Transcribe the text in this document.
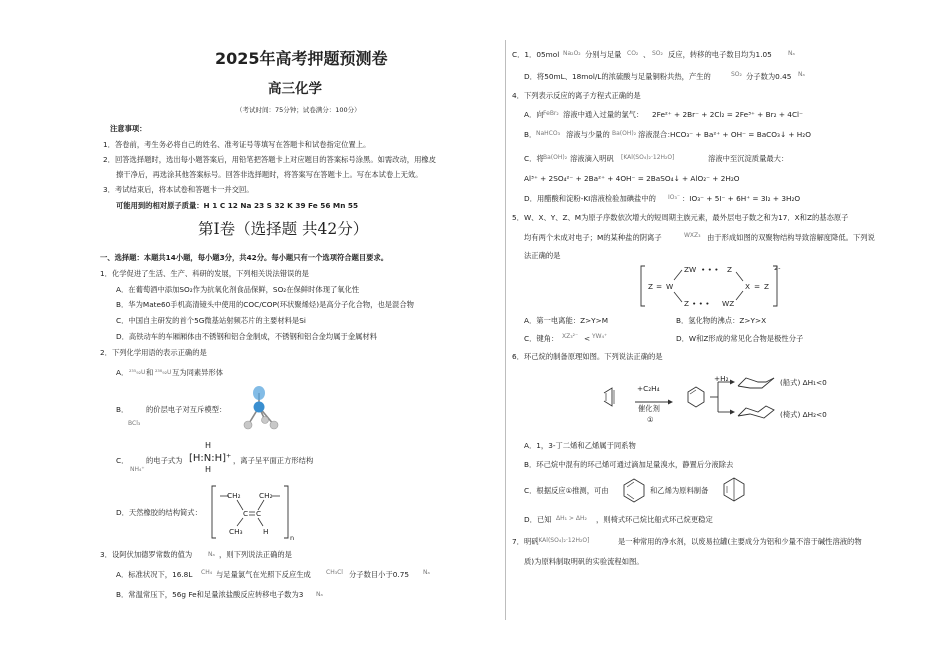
2025年高考押题预测卷
高三化学
（考试时间：75分钟；试卷满分：100分）
注意事项：
1．答卷前，考生务必将自己的姓名、准考证号等填写在答题卡和试卷指定位置上。
2．回答选择题时，选出每小题答案后，用铅笔把答题卡上对应题目的答案标号涂黑。如需改动，用橡皮
擦干净后，再选涂其他答案标号。回答非选择题时，将答案写在答题卡上。写在本试卷上无效。
3．考试结束后，将本试卷和答题卡一并交回。
可能用到的相对原子质量：H 1 C 12 Na 23 S 32 K 39 Fe 56 Mn 55
第Ⅰ卷（选择题 共42分）
一、选择题：本题共14小题，每小题3分，共42分。每小题只有一个选项符合题目要求。
1．化学促进了生活、生产、科研的发展，下列相关说法错误的是
A．在葡萄酒中添加SO₂作为抗氧化剂食品保鲜，SO₂在保鲜时体现了氧化性
B．华为Mate60手机高清镜头中使用的COC/COP(环状聚烯烃)是高分子化合物，也是混合物
C．中国自主研发的首个5G微基站射频芯片的主要材料是Si
D．高铁动车的车厢厢体由不锈钢和铝合金制成，不锈钢和铝合金均属于金属材料
2．下列化学用语的表示正确的是
A． ²³⁵₉₂U 和 ²³⁸₉₂U 互为同素异形体
B． 的价层电子对互斥模型：
BCl₃
C． 的电子式为
NH₄⁺
H
[H:N:H]⁺
H
，离子呈平面正方形结构
D．天然橡胶的结构简式：
CH₂	CH₂
C C
CH₃	H
n
3．设阿伏加德罗常数的值为	Nₐ ，则下列说法正确的是
A．标准状况下，16.8L CH₄ 与足量氯气在光照下反应生成	CH₃Cl 分子数目小于0.75 Nₐ
B．常温常压下，56g Fe和足量浓盐酸反应转移电子数为3 Nₐ
C．1．05mol Na₂O₂ 分别与足量 CO₂ 、 SO₂ 反应，转移的电子数目均为1.05	Nₐ
D．将50mL、18mol/L的浓硫酸与足量铜粉共热，产生的	SO₂ 分子数为0.45 Nₐ
4．下列表示反应的离子方程式正确的是
A．向 FeBr₂ 溶液中通入过量的氯气： 2Fe²⁺ + 2Br⁻ + 2Cl₂ = 2Fe³⁺ + Br₂ + 4Cl⁻
B． NaHCO₃ 溶液与少量的 Ba(OH)₂ 溶液混合：
HCO₃⁻ + Ba²⁺ + OH⁻ = BaCO₃↓ + H₂O
C．将 Ba(OH)₂ 溶液滴入明矾 [KAl(SO₄)₂·12H₂O]	溶液中至沉淀质量最大：
Al³⁺ + 2SO₄²⁻ + 2Ba²⁺ + 4OH⁻ = 2BaSO₄↓ + AlO₂⁻ + 2H₂O
D．用醋酸和淀粉-KI溶液检验加碘盐中的 IO₃⁻ ：IO₃⁻ + 5I⁻ + 6H⁺ = 3I₂ + 3H₂O
5．W、X、Y、Z、M为原子序数依次增大的短周期主族元素，最外层电子数之和为17．X和Z的基态原子
均有两个未成对电子；M的某种盐的阴离子	WXZ₃ 由于形成如图的双聚物结构导致溶解度降低。下列说
法正确的是
2-
Z = W
ZW • • • Z
X = Z
Z • • • WZ
A．第一电离能：Z>Y>M	B．氢化物的沸点：Z>Y>X
C．键角： XZ₃²⁻ < YW₄⁺	D．W和Z形成的常见化合物是极性分子
6．环己烷的制备原理如图。下列说法正确的是
+C₂H₄
催化剂
①
+H₂	(船式) ΔH₁<0
(椅式) ΔH₂<0
A．1，3-丁二烯和乙烯属于同系物
B．环己烷中混有的环己烯可通过滴加足量溴水，静置后分液除去
C．根据反应①推测，可由	和乙烯为原料制备
D．已知 ΔH₁ > ΔH₂ ，则椅式环己烷比船式环己烷更稳定
7．明矾
[KAl(SO₄)₂·12H₂O]	是一种常用的净水剂，以废易拉罐(主要成分为铝和少量不溶于碱性溶液的物
质)为原料制取明矾的实验流程如图。
